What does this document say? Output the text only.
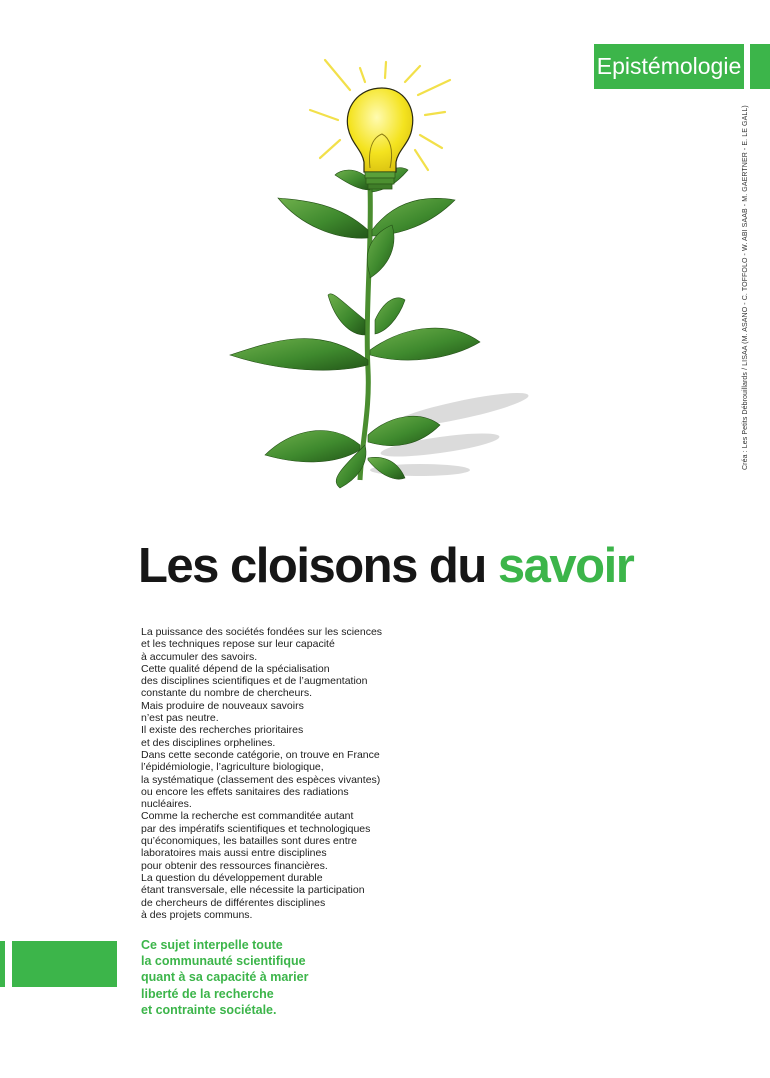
Epistémologie
Créa : Les Petits Débrouillards / LISAA (M. ASANO - C. TOFFOLO - W. ABI SAAB - M. GAERTNER - E. LE GALL)
Les cloisons du savoir
La puissance des sociétés fondées sur les sciences
et les techniques repose sur leur capacité
à accumuler des savoirs.
Cette qualité dépend de la spécialisation
des disciplines scientifiques et de l’augmentation
constante du nombre de chercheurs.
Mais produire de nouveaux savoirs
n’est pas neutre.
Il existe des recherches prioritaires
et des disciplines orphelines.
Dans cette seconde catégorie, on trouve en France
l’épidémiologie, l’agriculture biologique,
la systématique (classement des espèces vivantes)
ou encore les effets sanitaires des radiations
nucléaires.
Comme la recherche est commanditée autant
par des impératifs scientifiques et technologiques
qu’économiques, les batailles sont dures entre
laboratoires mais aussi entre disciplines
pour obtenir des ressources financières.
La question du développement durable
étant transversale, elle nécessite la participation
de chercheurs de différentes disciplines
à des projets communs.
Ce sujet interpelle toute
la communauté scientifique
quant à sa capacité à marier
liberté de la recherche
et contrainte sociétale.
